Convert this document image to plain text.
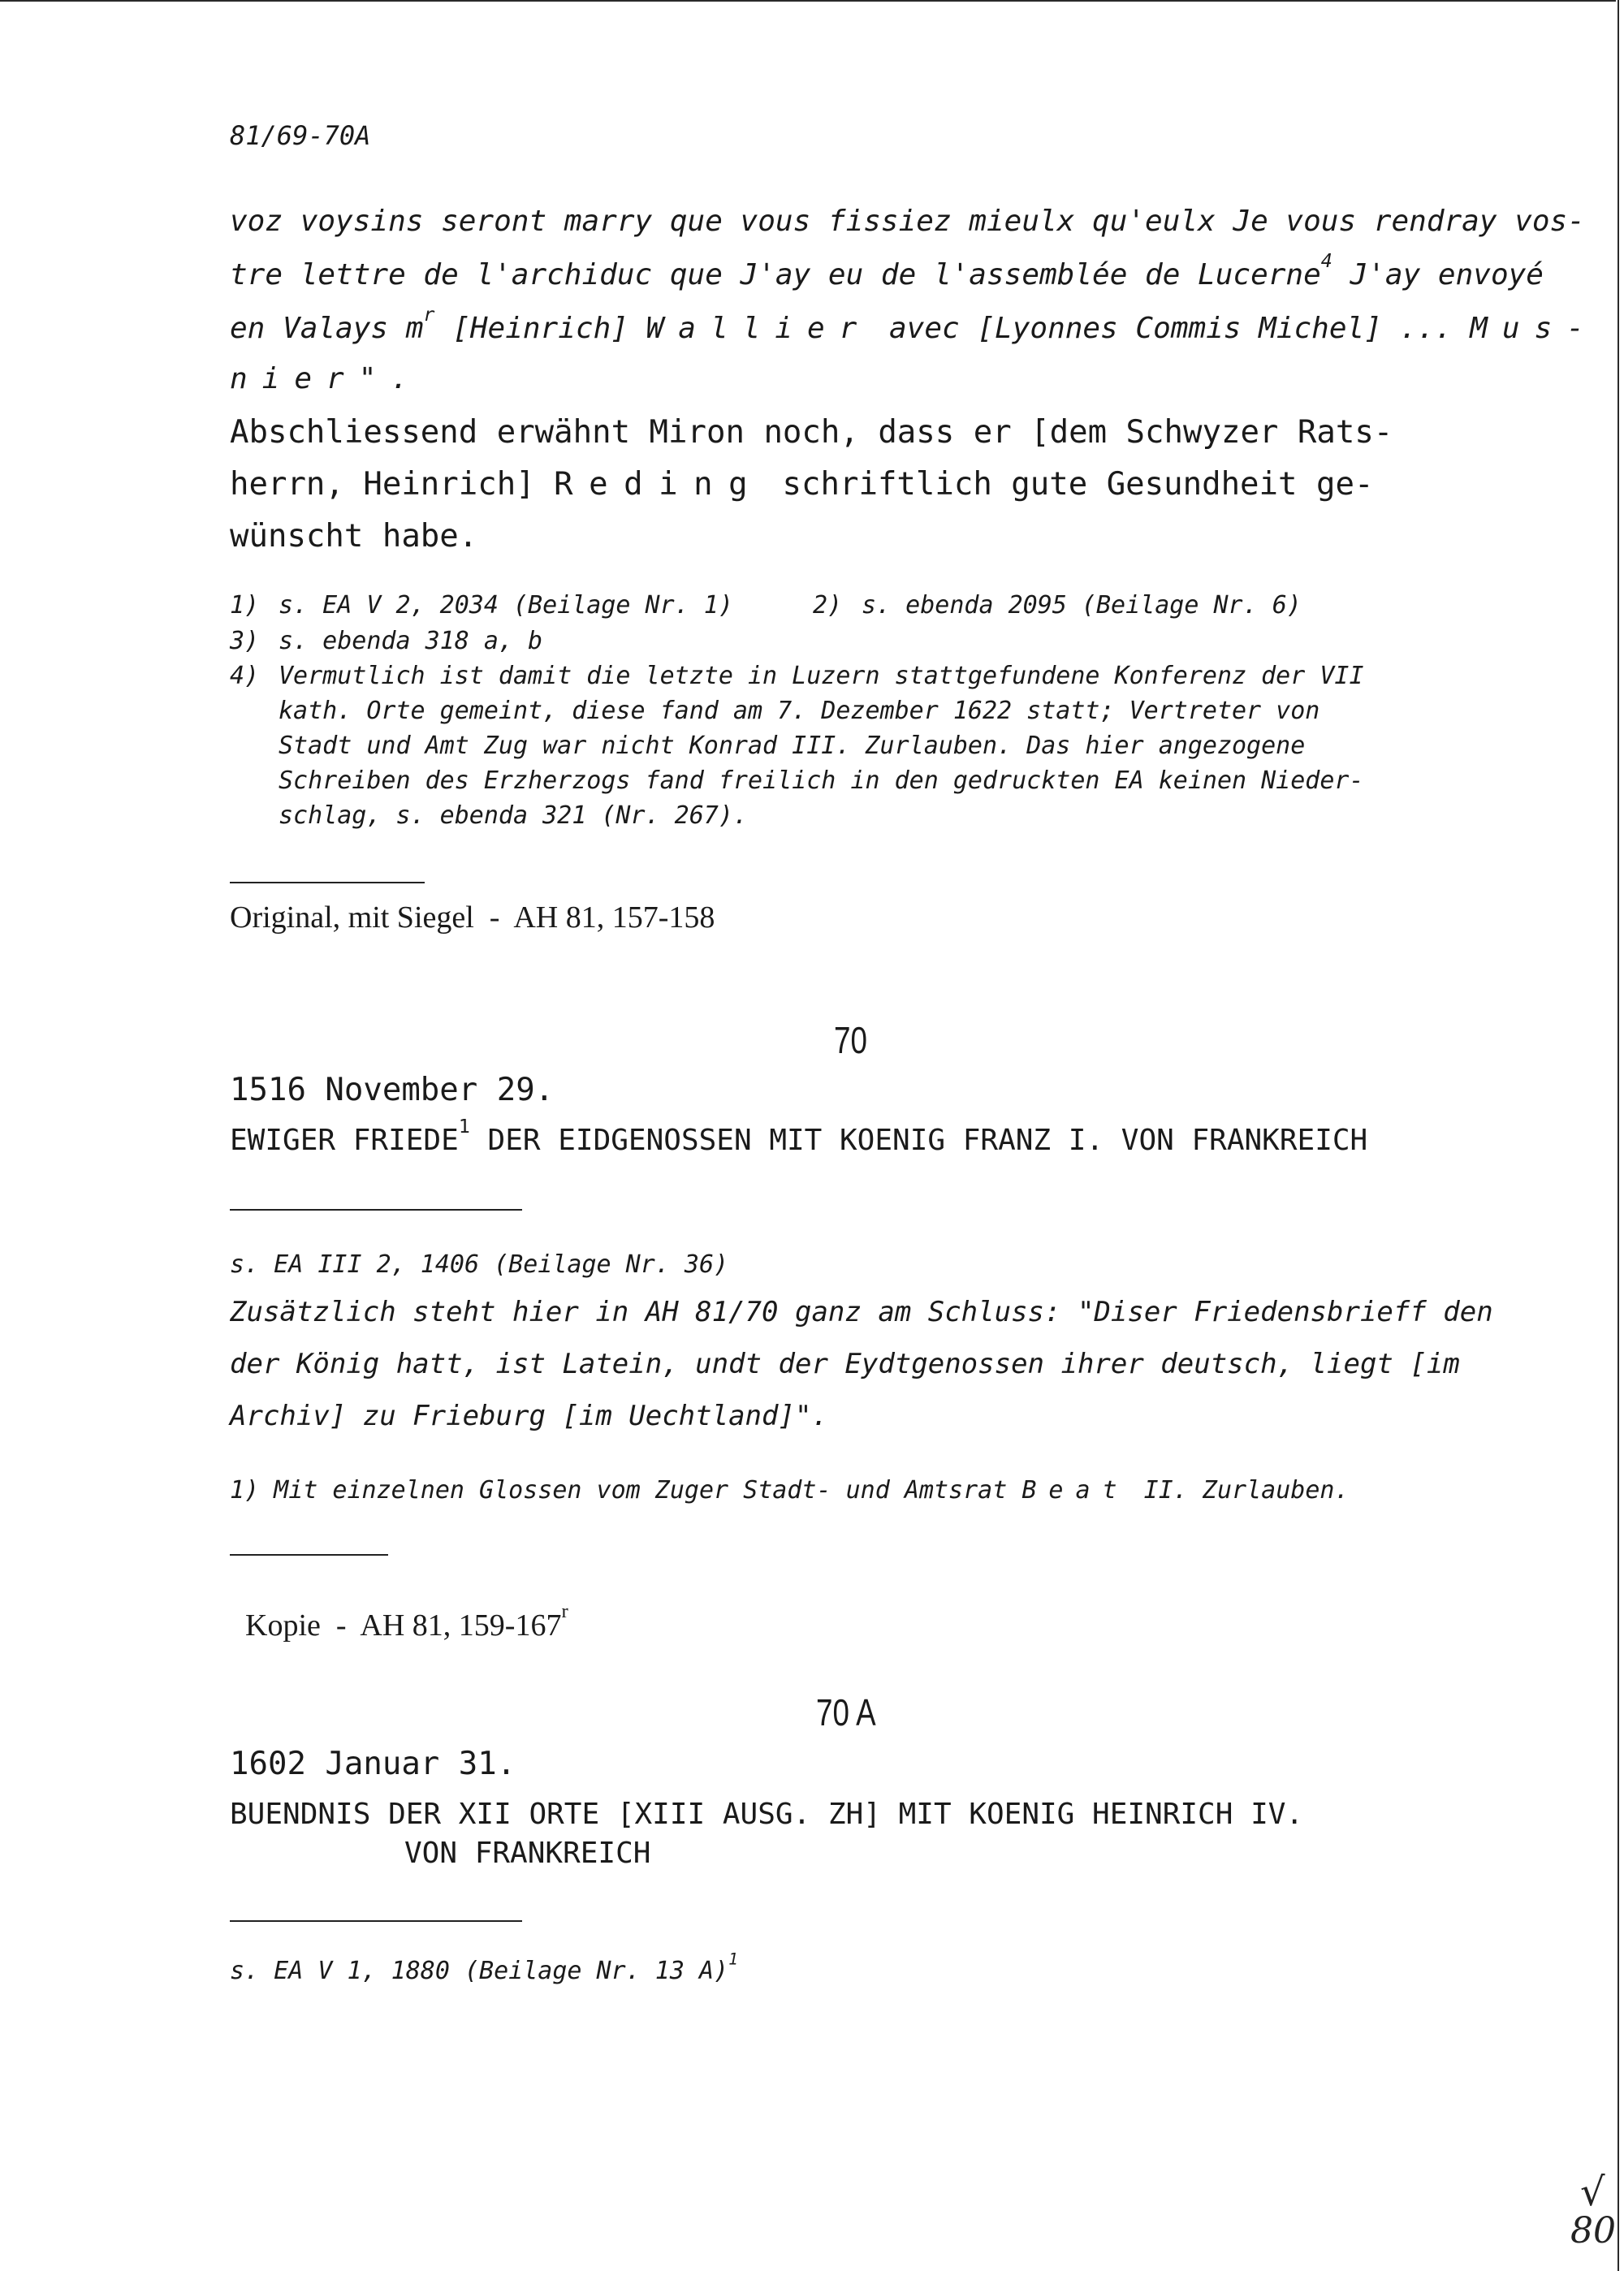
81/69-70A
voz voysins seront marry que vous fissiez mieulx qu'eulx Je vous rendray vos-
tre lettre de l'archiduc que J'ay eu de l'assemblée de Lucerne$^4$ J'ay envoyé
en Valays $m^r$ [Heinrich] Wallier avec [Lyonnes Commis Michel] ... Mus-
nier".
Abschliessend erwähnt Miron noch, dass er [dem Schwyzer Rats-
herrn, Heinrich] Reding schriftlich gute Gesundheit ge-
wünscht habe.
1) s. EA V 2, 2034 (Beilage Nr. 1)	2) s. ebenda 2095 (Beilage Nr. 6)
3) s. ebenda 318 a, b
4) Vermutlich ist damit die letzte in Luzern stattgefundene Konferenz der VII
kath. Orte gemeint, diese fand am 7. Dezember 1622 statt; Vertreter von
Stadt und Amt Zug war nicht Konrad III. Zurlauben. Das hier angezogene
Schreiben des Erzherzogs fand freilich in den gedruckten EA keinen Nieder-
schlag, s. ebenda 321 (Nr. 267).
Original, mit Siegel  -  AH 81, 157-158
70
1516 November 29.
EWIGER FRIEDE$^1$ DER EIDGENOSSEN MIT KOENIG FRANZ I. VON FRANKREICH
s. EA III 2, 1406 (Beilage Nr. 36)
Zusätzlich steht hier in AH 81/70 ganz am Schluss: "Diser Friedensbrieff den
der König hatt, ist Latein, undt der Eydtgenossen ihrer deutsch, liegt [im
Archiv] zu Frieburg [im Uechtland]".
1) Mit einzelnen Glossen vom Zuger Stadt- und Amtsrat Beat II. Zurlauben.

Kopie  -  AH 81, 159-167$^r$

70 A
1602 Januar 31.
BUENDNIS DER XII ORTE [XIII AUSG. ZH] MIT KOENIG HEINRICH IV.
VON FRANKREICH
s. EA V 1, 1880 (Beilage Nr. 13 A)$^1$
√
80
